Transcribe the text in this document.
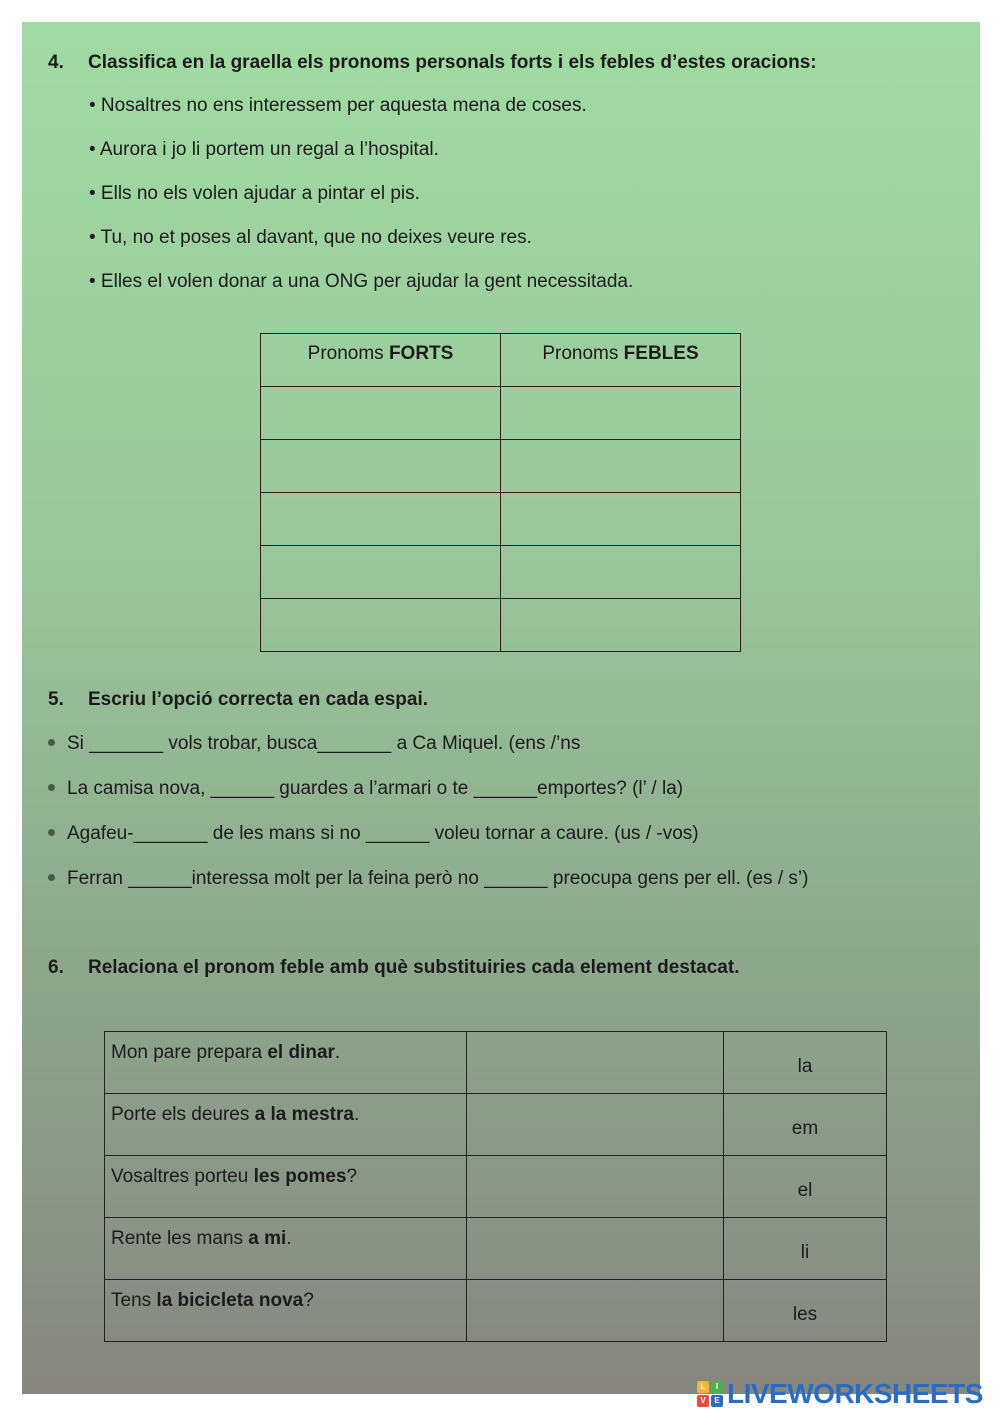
4. Classifica en la graella els pronoms personals forts i els febles d’estes oracions:
• Nosaltres no ens interessem per aquesta mena de coses.
• Aurora i jo li portem un regal a l’hospital.
• Ells no els volen ajudar a pintar el pis.
• Tu, no et poses al davant, que no deixes veure res.
• Elles el volen donar a una ONG per ajudar la gent necessitada.
Pronoms FORTS	Pronoms FEBLES

5. Escriu l’opció correcta en cada espai.
Si _______ vols trobar, busca_______ a Ca Miquel. (ens /’ns
La camisa nova, ______ guardes a l’armari o te ______emportes? (l’ / la)
Agafeu-_______ de les mans si no ______ voleu tornar a caure. (us / -vos)
Ferran ______interessa molt per la feina però no ______ preocupa gens per ell. (es / s’)
6. Relaciona el pronom feble amb què substituiries cada element destacat.
Mon pare prepara el dinar.		la
Porte els deures a la mestra.		em
Vosaltres porteu les pomes?		el
Rente les mans a mi.		li
Tens la bicicleta nova?		les
L	I
V	E LIVEWORKSHEETS
